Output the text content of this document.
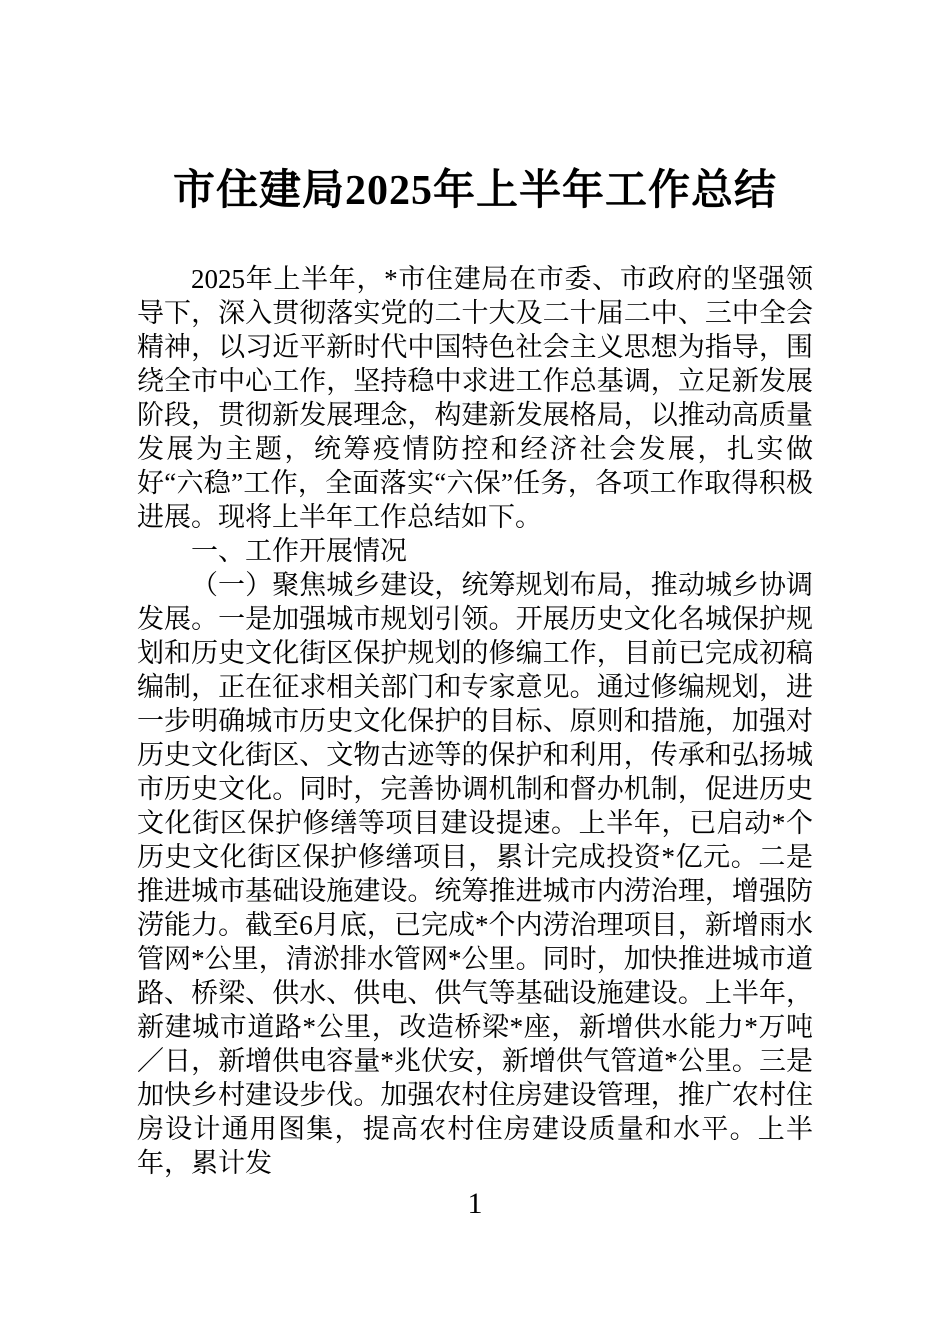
市住建局2025年上半年工作总结

2025年上半年，*市住建局在市委、市政府的坚强领导下，深入贯彻落实党的二十大及二十届二中、三中全会精神，以习近平新时代中国特色社会主义思想为指导，围绕全市中心工作，坚持稳中求进工作总基调，立足新发展阶段，贯彻新发展理念，构建新发展格局，以推动高质量发展为主题，统筹疫情防控和经济社会发展，扎实做好“六稳”工作，全面落实“六保”任务，各项工作取得积极进展。现将上半年工作总结如下。

一、工作开展情况

（一）聚焦城乡建设，统筹规划布局，推动城乡协调发展。一是加强城市规划引领。开展历史文化名城保护规划和历史文化街区保护规划的修编工作，目前已完成初稿编制，正在征求相关部门和专家意见。通过修编规划，进一步明确城市历史文化保护的目标、原则和措施，加强对历史文化街区、文物古迹等的保护和利用，传承和弘扬城市历史文化。同时，完善协调机制和督办机制，促进历史文化街区保护修缮等项目建设提速。上半年，已启动*个历史文化街区保护修缮项目，累计完成投资*亿元。二是推进城市基础设施建设。统筹推进城市内涝治理，增强防涝能力。截至6月底，已完成*个内涝治理项目，新增雨水管网*公里，清淤排水管网*公里。同时，加快推进城市道路、桥梁、供水、供电、供气等基础设施建设。上半年，新建城市道路*公里，改造桥梁*座，新增供水能力*万吨／日，新增供电容量*兆伏安，新增供气管道*公里。三是加快乡村建设步伐。加强农村住房建设管理，推广农村住房设计通用图集，提高农村住房建设质量和水平。上半年，累计发

1
